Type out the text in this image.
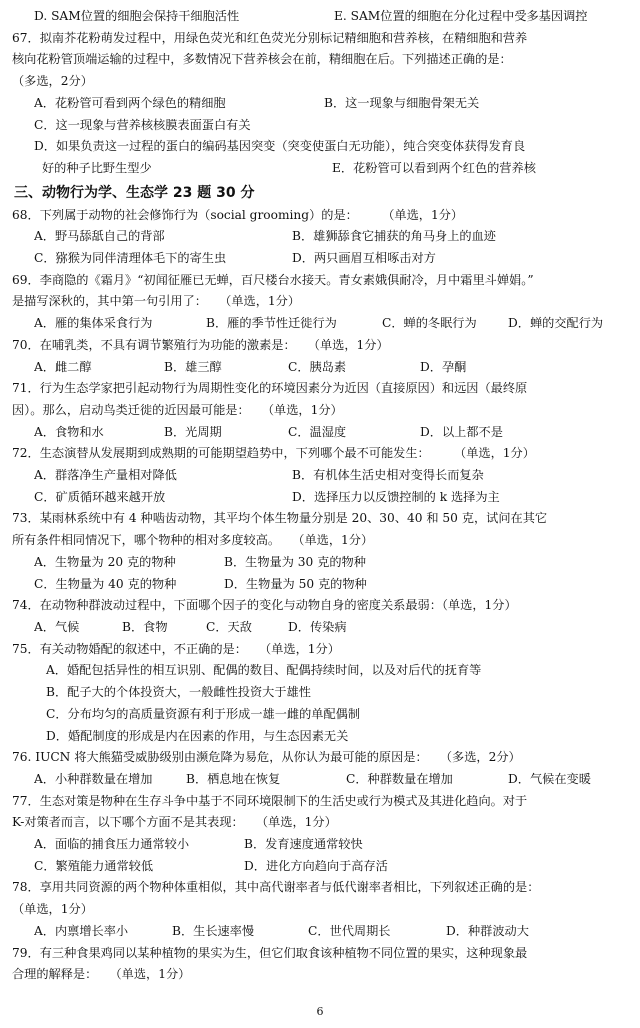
D. SAM位置的细胞会保持干细胞活性	E. SAM位置的细胞在分化过程中受多基因调控
67．拟南芥花粉萌发过程中，用绿色荧光和红色荧光分别标记精细胞和营养核，在精细胞和营养
核向花粉管顶端运输的过程中，多数情况下营养核会在前，精细胞在后。下列描述正确的是：
（多选，2分）
A．花粉管可看到两个绿色的精细胞	B．这一现象与细胞骨架无关
C．这一现象与营养核核膜表面蛋白有关
D．如果负责这一过程的蛋白的编码基因突变（突变使蛋白无功能），纯合突变体获得发育良
好的种子比野生型少	E．花粉管可以看到两个红色的营养核
三、动物行为学、生态学 23 题 30 分
68．下列属于动物的社会修饰行为（social grooming）的是：　　　（单选，1分）
A．野马舔舐自己的背部	B．雄狮舔食它捕获的角马身上的血迹
C．猕猴为同伴清理体毛下的寄生虫	D．两只画眉互相啄击对方
69．李商隐的《霜月》“初闻征雁已无蝉，百尺楼台水接天。青女素娥俱耐冷，月中霜里斗婵娟。”
是描写深秋的，其中第一句引用了：　　（单选，1分）
A．雁的集体采食行为	B．雁的季节性迁徙行为	C．蝉的冬眠行为	D．蝉的交配行为
70．在哺乳类，不具有调节繁殖行为功能的激素是：　　（单选，1分）
A．雌二醇	B．雄三醇	C．胰岛素	D．孕酮
71．行为生态学家把引起动物行为周期性变化的环境因素分为近因（直接原因）和远因（最终原
因）。那么，启动鸟类迁徙的近因最可能是：　　（单选，1分）
A．食物和水	B．光周期	C．温湿度	D．以上都不是
72．生态演替从发展期到成熟期的可能期望趋势中，下列哪个最不可能发生：　　　（单选，1分）
A．群落净生产量相对降低	B．有机体生活史相对变得长而复杂
C．矿质循环越来越开放	D．选择压力以反馈控制的 k 选择为主
73．某雨林系统中有 4 种啮齿动物，其平均个体生物量分别是 20、30、40 和 50 克，试问在其它
所有条件相同情况下，哪个物种的相对多度较高。　　（单选，1分）
A．生物量为 20 克的物种	B．生物量为 30 克的物种
C．生物量为 40 克的物种	D．生物量为 50 克的物种
74．在动物种群波动过程中，下面哪个因子的变化与动物自身的密度关系最弱：（单选，1分）
A．气候	B．食物	C．天敌	D．传染病
75．有关动物婚配的叙述中，不正确的是：　　（单选，1分）
A．婚配包括异性的相互识别、配偶的数目、配偶持续时间，以及对后代的抚育等
B．配子大的个体投资大，一般雌性投资大于雄性
C．分布均匀的高质量资源有利于形成一雄一雌的单配偶制
D．婚配制度的形成是内在因素的作用，与生态因素无关
76. IUCN 将大熊猫受威胁级别由濒危降为易危，从你认为最可能的原因是：　　（多选，2分）
A．小种群数量在增加	B．栖息地在恢复	C．种群数量在增加	D．气候在变暖
77．生态对策是物种在生存斗争中基于不同环境限制下的生活史或行为模式及其进化趋向。对于
K-对策者而言，以下哪个方面不是其表现：　　（单选，1分）
A．面临的捕食压力通常较小	B．发育速度通常较快
C．繁殖能力通常较低	D．进化方向趋向于高存活
78．享用共同资源的两个物种体重相似，其中高代谢率者与低代谢率者相比，下列叙述正确的是：
（单选，1分）
A．内禀增长率小	B．生长速率慢	C．世代周期长	D．种群波动大
79．有三种食果鸡同以某种植物的果实为生，但它们取食该种植物不同位置的果实，这种现象最
合理的解释是：　　（单选，1分）
6
